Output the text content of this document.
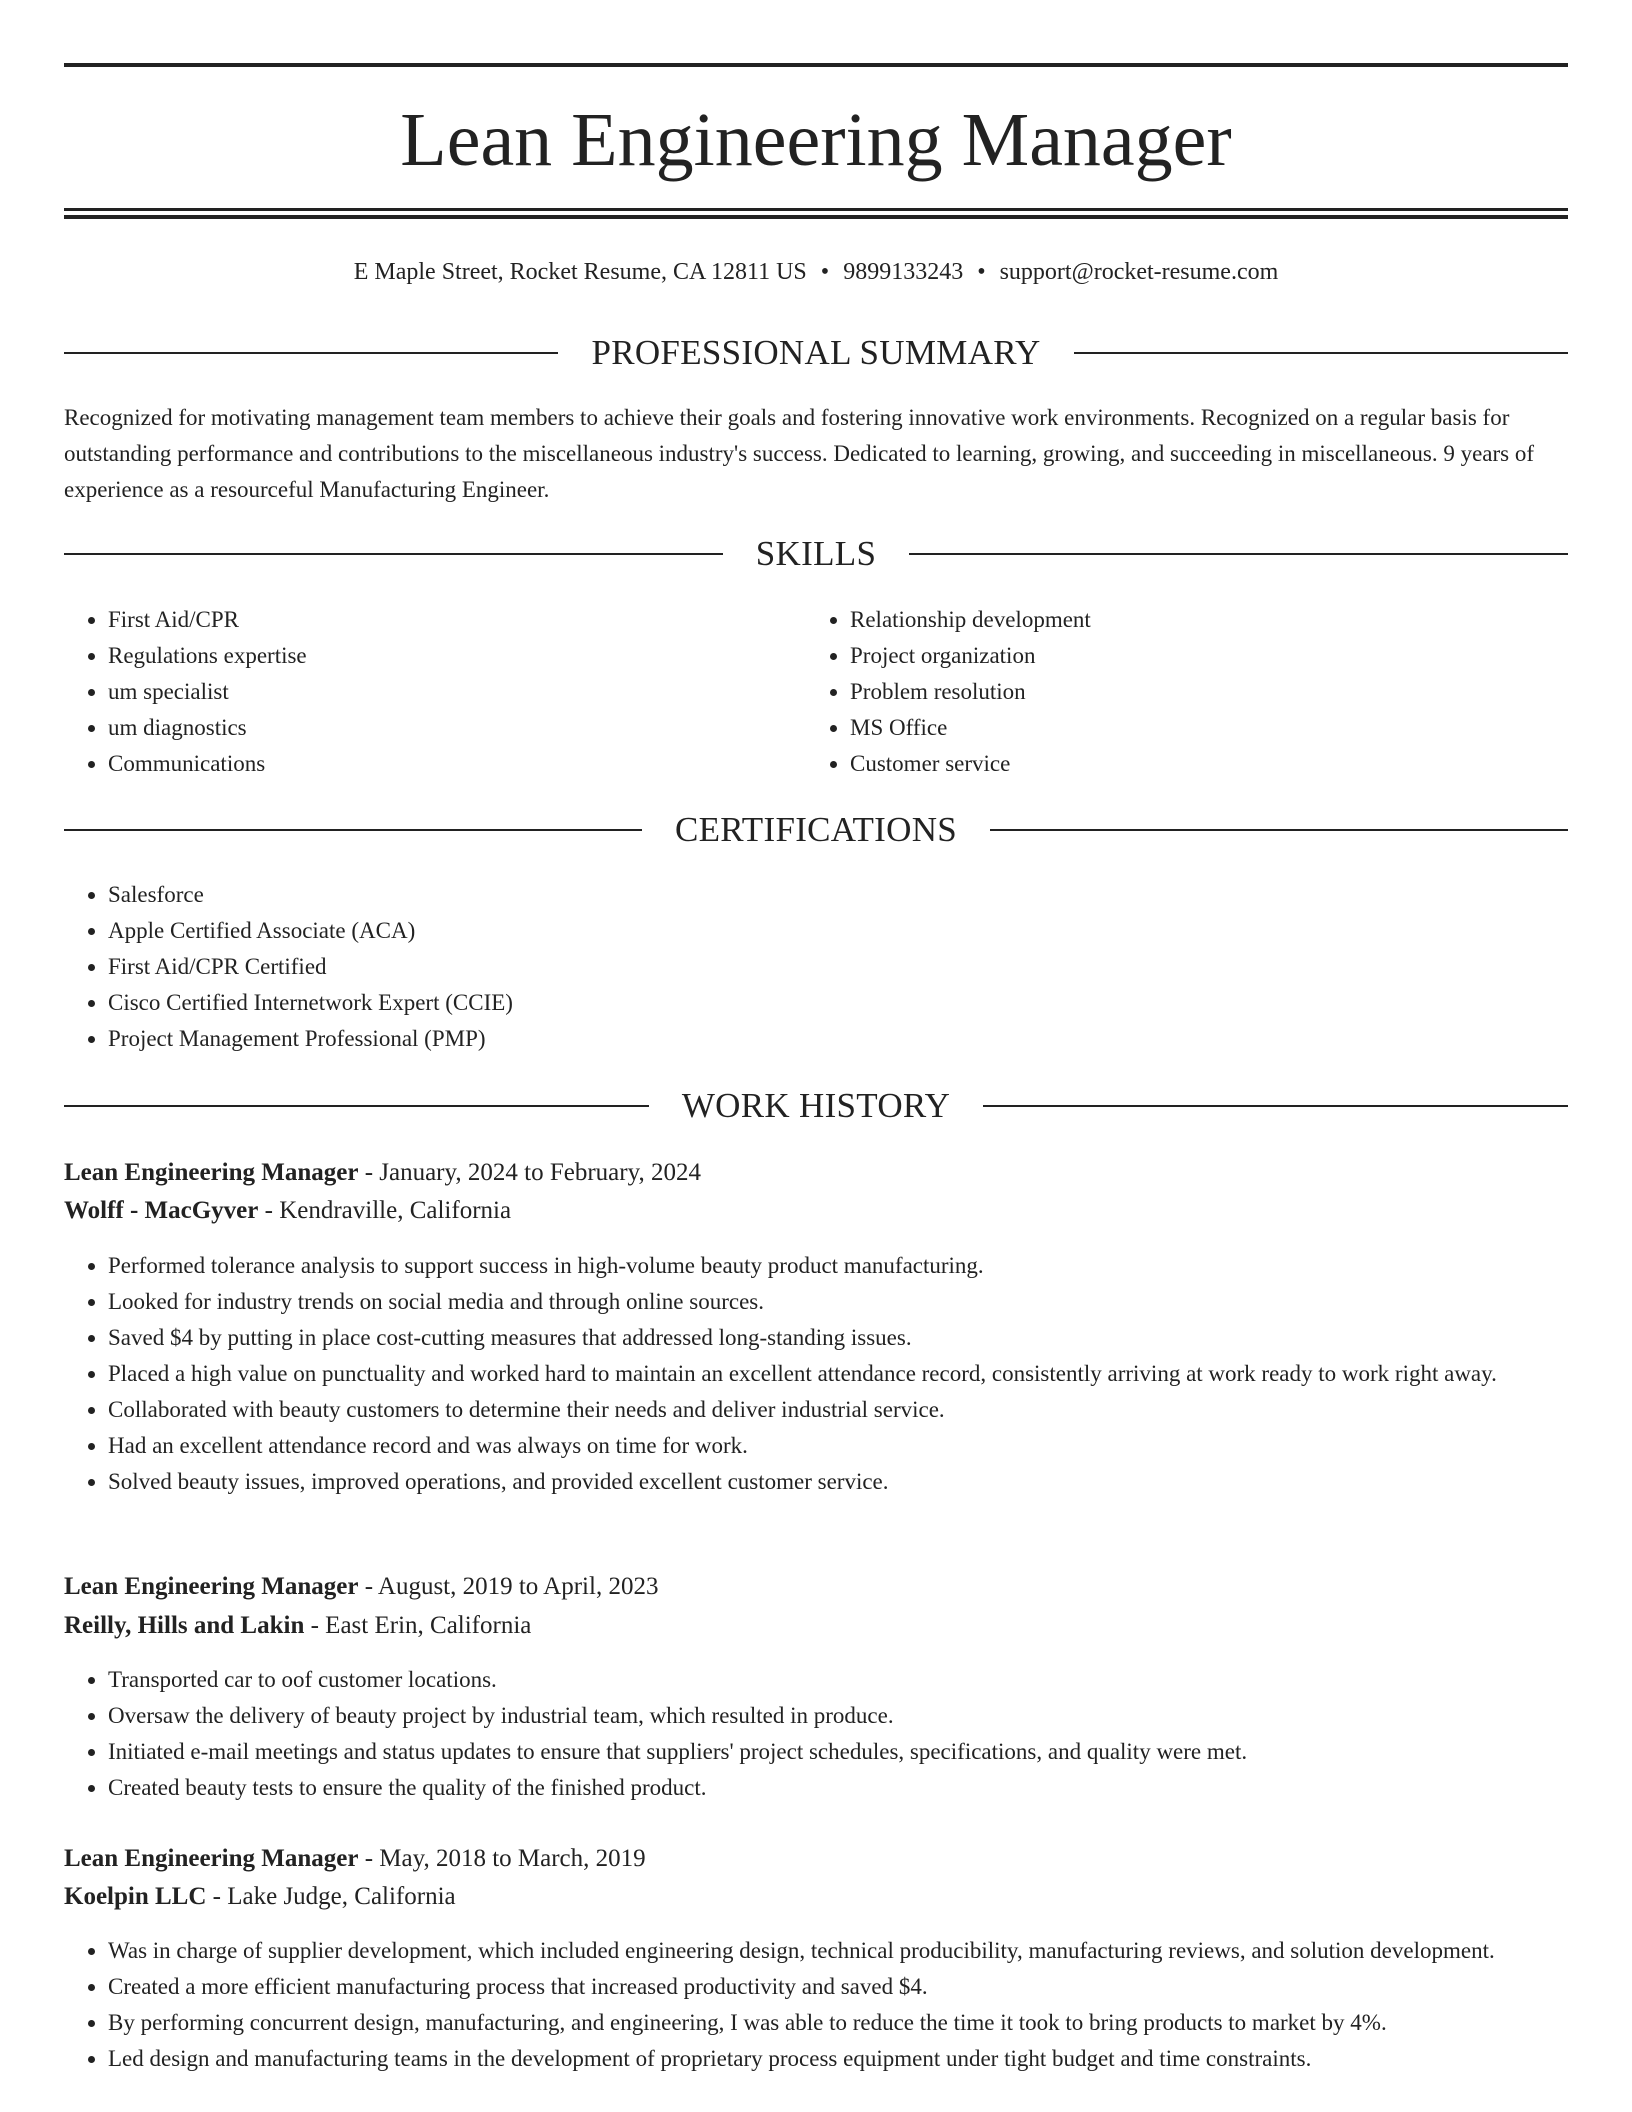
Lean Engineering Manager
E Maple Street, Rocket Resume, CA 12811 US • 9899133243 • support@rocket-resume.com
PROFESSIONAL SUMMARY

Recognized for motivating management team members to achieve their goals and fostering innovative work environments. Recognized on a regular basis for outstanding performance and contributions to the miscellaneous industry's success. Dedicated to learning, growing, and succeeding in miscellaneous. 9 years of experience as a resourceful Manufacturing Engineer.

SKILLS
• First Aid/CPR
• Regulations expertise
• um specialist
• um diagnostics
• Communications
• Relationship development
• Project organization
• Problem resolution
• MS Office
• Customer service
CERTIFICATIONS
• Salesforce
• Apple Certified Associate (ACA)
• First Aid/CPR Certified
• Cisco Certified Internetwork Expert (CCIE)
• Project Management Professional (PMP)
WORK HISTORY
Lean Engineering Manager - January, 2024 to February, 2024
Wolff - MacGyver - Kendraville, California
• Performed tolerance analysis to support success in high-volume beauty product manufacturing.
• Looked for industry trends on social media and through online sources.
• Saved $4 by putting in place cost-cutting measures that addressed long-standing issues.
• Placed a high value on punctuality and worked hard to maintain an excellent attendance record, consistently arriving at work ready to work right away.
• Collaborated with beauty customers to determine their needs and deliver industrial service.
• Had an excellent attendance record and was always on time for work.
• Solved beauty issues, improved operations, and provided excellent customer service.
Lean Engineering Manager - August, 2019 to April, 2023
Reilly, Hills and Lakin - East Erin, California
• Transported car to oof customer locations.
• Oversaw the delivery of beauty project by industrial team, which resulted in produce.
• Initiated e-mail meetings and status updates to ensure that suppliers' project schedules, specifications, and quality were met.
• Created beauty tests to ensure the quality of the finished product.
Lean Engineering Manager - May, 2018 to March, 2019
Koelpin LLC - Lake Judge, California
• Was in charge of supplier development, which included engineering design, technical producibility, manufacturing reviews, and solution development.
• Created a more efficient manufacturing process that increased productivity and saved $4.
• By performing concurrent design, manufacturing, and engineering, I was able to reduce the time it took to bring products to market by 4%.
• Led design and manufacturing teams in the development of proprietary process equipment under tight budget and time constraints.
